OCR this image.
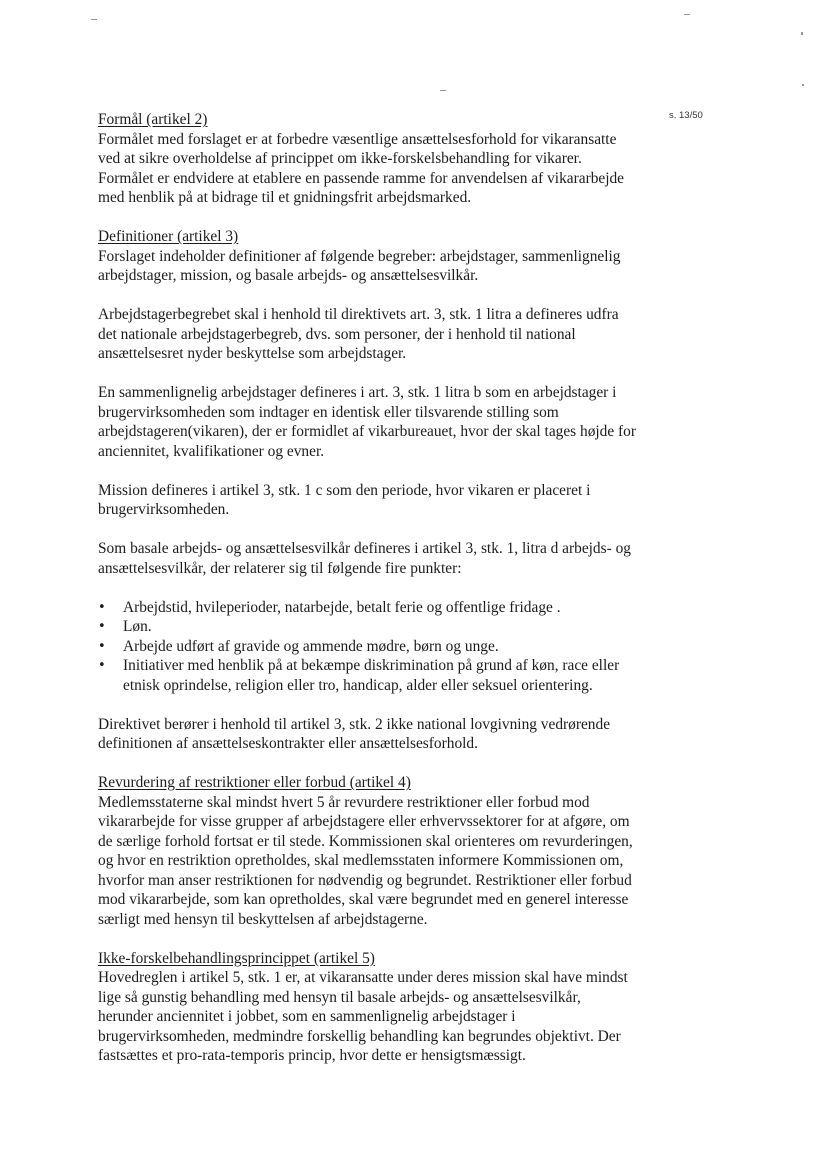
s. 13/50
Formål (artikel 2)

Formålet med forslaget er at forbedre væsentlige ansættelsesforhold for vikaransatte ved at sikre overholdelse af princippet om ikke-forskelsbehandling for vikarer. Formålet er endvidere at etablere en passende ramme for anvendelsen af vikararbejde med henblik på at bidrage til et gnidningsfrit arbejdsmarked.

Definitioner (artikel 3)

Forslaget indeholder definitioner af følgende begreber: arbejdstager, sammenlignelig arbejdstager, mission, og basale arbejds- og ansættelsesvilkår.

Arbejdstagerbegrebet skal i henhold til direktivets art. 3, stk. 1 litra a defineres udfra det nationale arbejdstagerbegreb, dvs. som personer, der i henhold til national ansættelsesret nyder beskyttelse som arbejdstager.

En sammenlignelig arbejdstager defineres i art. 3, stk. 1 litra b som en arbejdstager i brugervirksomheden som indtager en identisk eller tilsvarende stilling som arbejdstageren(vikaren), der er formidlet af vikarbureauet, hvor der skal tages højde for anciennitet, kvalifikationer og evner.

Mission defineres i artikel 3, stk. 1 c som den periode, hvor vikaren er placeret i brugervirksomheden.

Som basale arbejds- og ansættelsesvilkår defineres i artikel 3, stk. 1, litra d arbejds- og ansættelsesvilkår, der relaterer sig til følgende fire punkter:

• Arbejdstid, hvileperioder, natarbejde, betalt ferie og offentlige fridage .
• Løn.
• Arbejde udført af gravide og ammende mødre, børn og unge.
• Initiativer med henblik på at bekæmpe diskrimination på grund af køn, race eller etnisk oprindelse, religion eller tro, handicap, alder eller seksuel orientering.

Direktivet berører i henhold til artikel 3, stk. 2 ikke national lovgivning vedrørende definitionen af ansættelseskontrakter eller ansættelsesforhold.

Revurdering af restriktioner eller forbud (artikel 4)

Medlemsstaterne skal mindst hvert 5 år revurdere restriktioner eller forbud mod vikararbejde for visse grupper af arbejdstagere eller erhvervssektorer for at afgøre, om de særlige forhold fortsat er til stede. Kommissionen skal orienteres om revurderingen, og hvor en restriktion opretholdes, skal medlemsstaten informere Kommissionen om, hvorfor man anser restriktionen for nødvendig og begrundet. Restriktioner eller forbud mod vikararbejde, som kan opretholdes, skal være begrundet med en generel interesse særligt med hensyn til beskyttelsen af arbejdstagerne.

Ikke-forskelbehandlingsprincippet (artikel 5)

Hovedreglen i artikel 5, stk. 1 er, at vikaransatte under deres mission skal have mindst lige så gunstig behandling med hensyn til basale arbejds- og ansættelsesvilkår, herunder anciennitet i jobbet, som en sammenlignelig arbejdstager i brugervirksomheden, medmindre forskellig behandling kan begrundes objektivt. Der fastsættes et pro-rata-temporis princip, hvor dette er hensigtsmæssigt.
